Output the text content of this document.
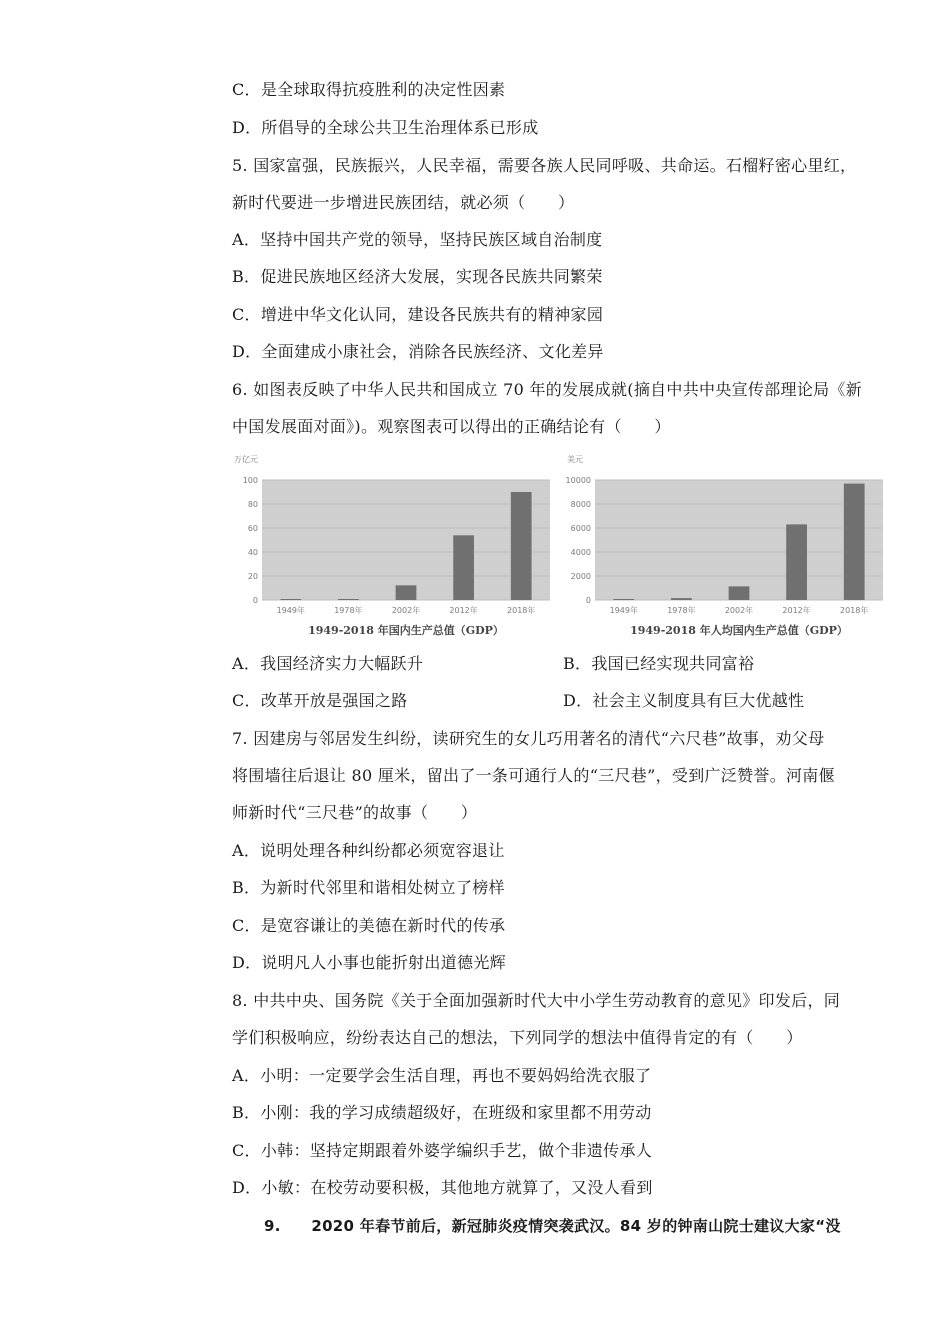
C．是全球取得抗疫胜利的决定性因素
D．所倡导的全球公共卫生治理体系已形成
5. 国家富强，民族振兴，人民幸福，需要各族人民同呼吸、共命运。石榴籽密心里红，
新时代要进一步增进民族团结，就必须（　　）
A．坚持中国共产党的领导，坚持民族区域自治制度
B．促进民族地区经济大发展，实现各民族共同繁荣
C．增进中华文化认同，建设各民族共有的精神家园
D．全面建成小康社会，消除各民族经济、文化差异
6. 如图表反映了中华人民共和国成立 70 年的发展成就(摘自中共中央宣传部理论局《新
中国发展面对面》)。观察图表可以得出的正确结论有（　　）
万亿元
0
20
40
60
80
100
1949年	1978年	2002年	2012年	2018年
1949-2018 年国内生产总值（GDP）
美元
0
2000
4000
6000
8000
10000
1949年	1978年	2002年	2012年	2018年
1949-2018 年人均国内生产总值（GDP）
A．我国经济实力大幅跃升	B．我国已经实现共同富裕
C．改革开放是强国之路	D．社会主义制度具有巨大优越性
7. 因建房与邻居发生纠纷，读研究生的女儿巧用著名的清代“六尺巷”故事，劝父母
将围墙往后退让 80 厘米，留出了一条可通行人的“三尺巷”，受到广泛赞誉。河南偃
师新时代“三尺巷”的故事（　　）
A．说明处理各种纠纷都必须宽容退让
B．为新时代邻里和谐相处树立了榜样
C．是宽容谦让的美德在新时代的传承
D．说明凡人小事也能折射出道德光辉
8. 中共中央、国务院《关于全面加强新时代大中小学生劳动教育的意见》印发后，同
学们积极响应，纷纷表达自己的想法，下列同学的想法中值得肯定的有（　　）
A．小明：一定要学会生活自理，再也不要妈妈给洗衣服了
B．小刚：我的学习成绩超级好，在班级和家里都不用劳动
C．小韩：坚持定期跟着外婆学编织手艺，做个非遗传承人
D．小敏：在校劳动要积极，其他地方就算了，又没人看到
9.　　2020 年春节前后，新冠肺炎疫情突袭武汉。84 岁的钟南山院士建议大家“没
